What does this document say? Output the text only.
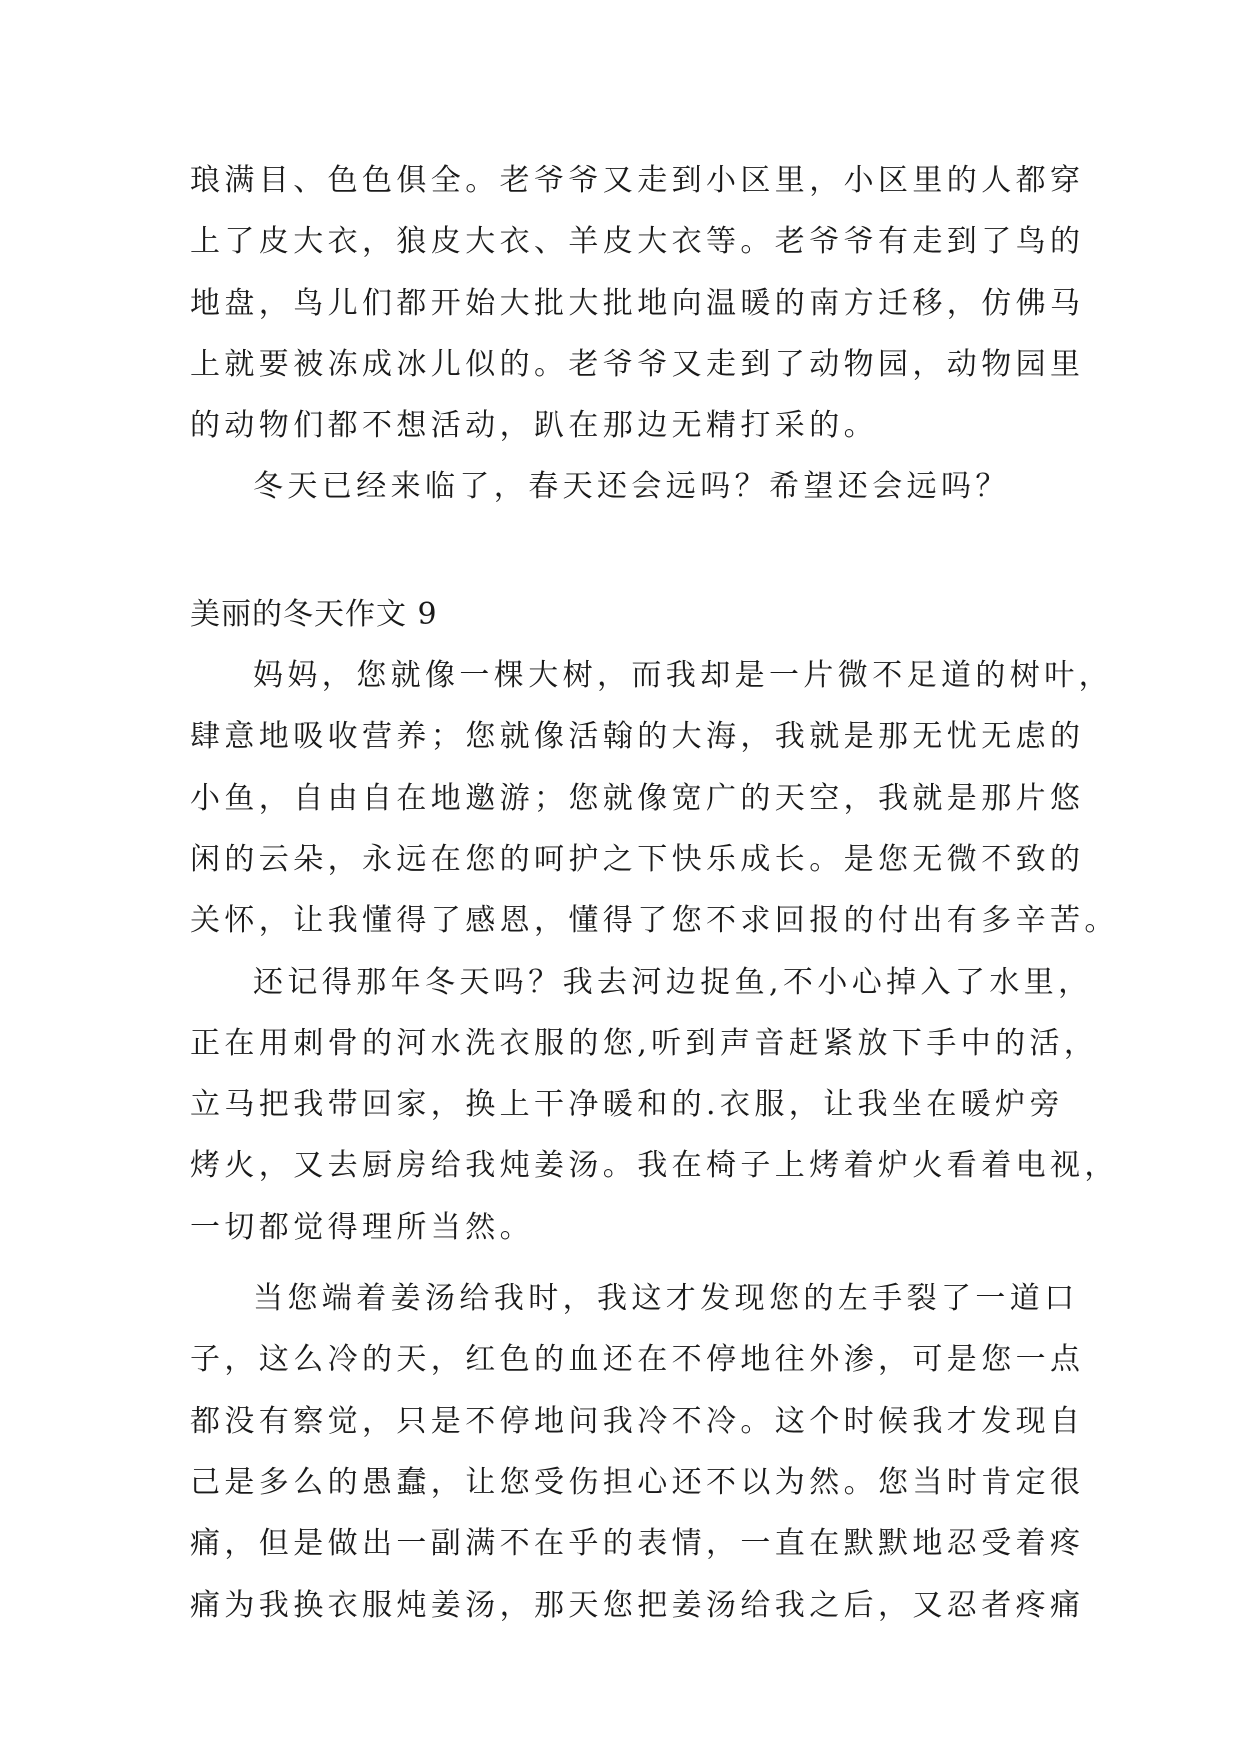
琅满目、色色俱全。老爷爷又走到小区里，小区里的人都穿
上了皮大衣，狼皮大衣、羊皮大衣等。老爷爷有走到了鸟的
地盘，鸟儿们都开始大批大批地向温暖的南方迁移，仿佛马
上就要被冻成冰儿似的。老爷爷又走到了动物园，动物园里
的动物们都不想活动，趴在那边无精打采的。
冬天已经来临了，春天还会远吗？希望还会远吗？
美丽的冬天作文 9
妈妈，您就像一棵大树，而我却是一片微不足道的树叶，
肆意地吸收营养；您就像活翰的大海，我就是那无忧无虑的
小鱼，自由自在地邀游；您就像宽广的天空，我就是那片悠
闲的云朵，永远在您的呵护之下快乐成长。是您无微不致的
关怀，让我懂得了感恩，懂得了您不求回报的付出有多辛苦。
还记得那年冬天吗？我去河边捉鱼,不小心掉入了水里，
正在用刺骨的河水洗衣服的您,听到声音赶紧放下手中的活，
立马把我带回家，换上干净暖和的.衣服，让我坐在暖炉旁
烤火，又去厨房给我炖姜汤。我在椅子上烤着炉火看着电视，
一切都觉得理所当然。
当您端着姜汤给我时，我这才发现您的左手裂了一道口
子，这么冷的天，红色的血还在不停地往外渗，可是您一点
都没有察觉，只是不停地问我冷不冷。这个时候我才发现自
己是多么的愚蠢，让您受伤担心还不以为然。您当时肯定很
痛，但是做出一副满不在乎的表情，一直在默默地忍受着疼
痛为我换衣服炖姜汤，那天您把姜汤给我之后，又忍者疼痛
